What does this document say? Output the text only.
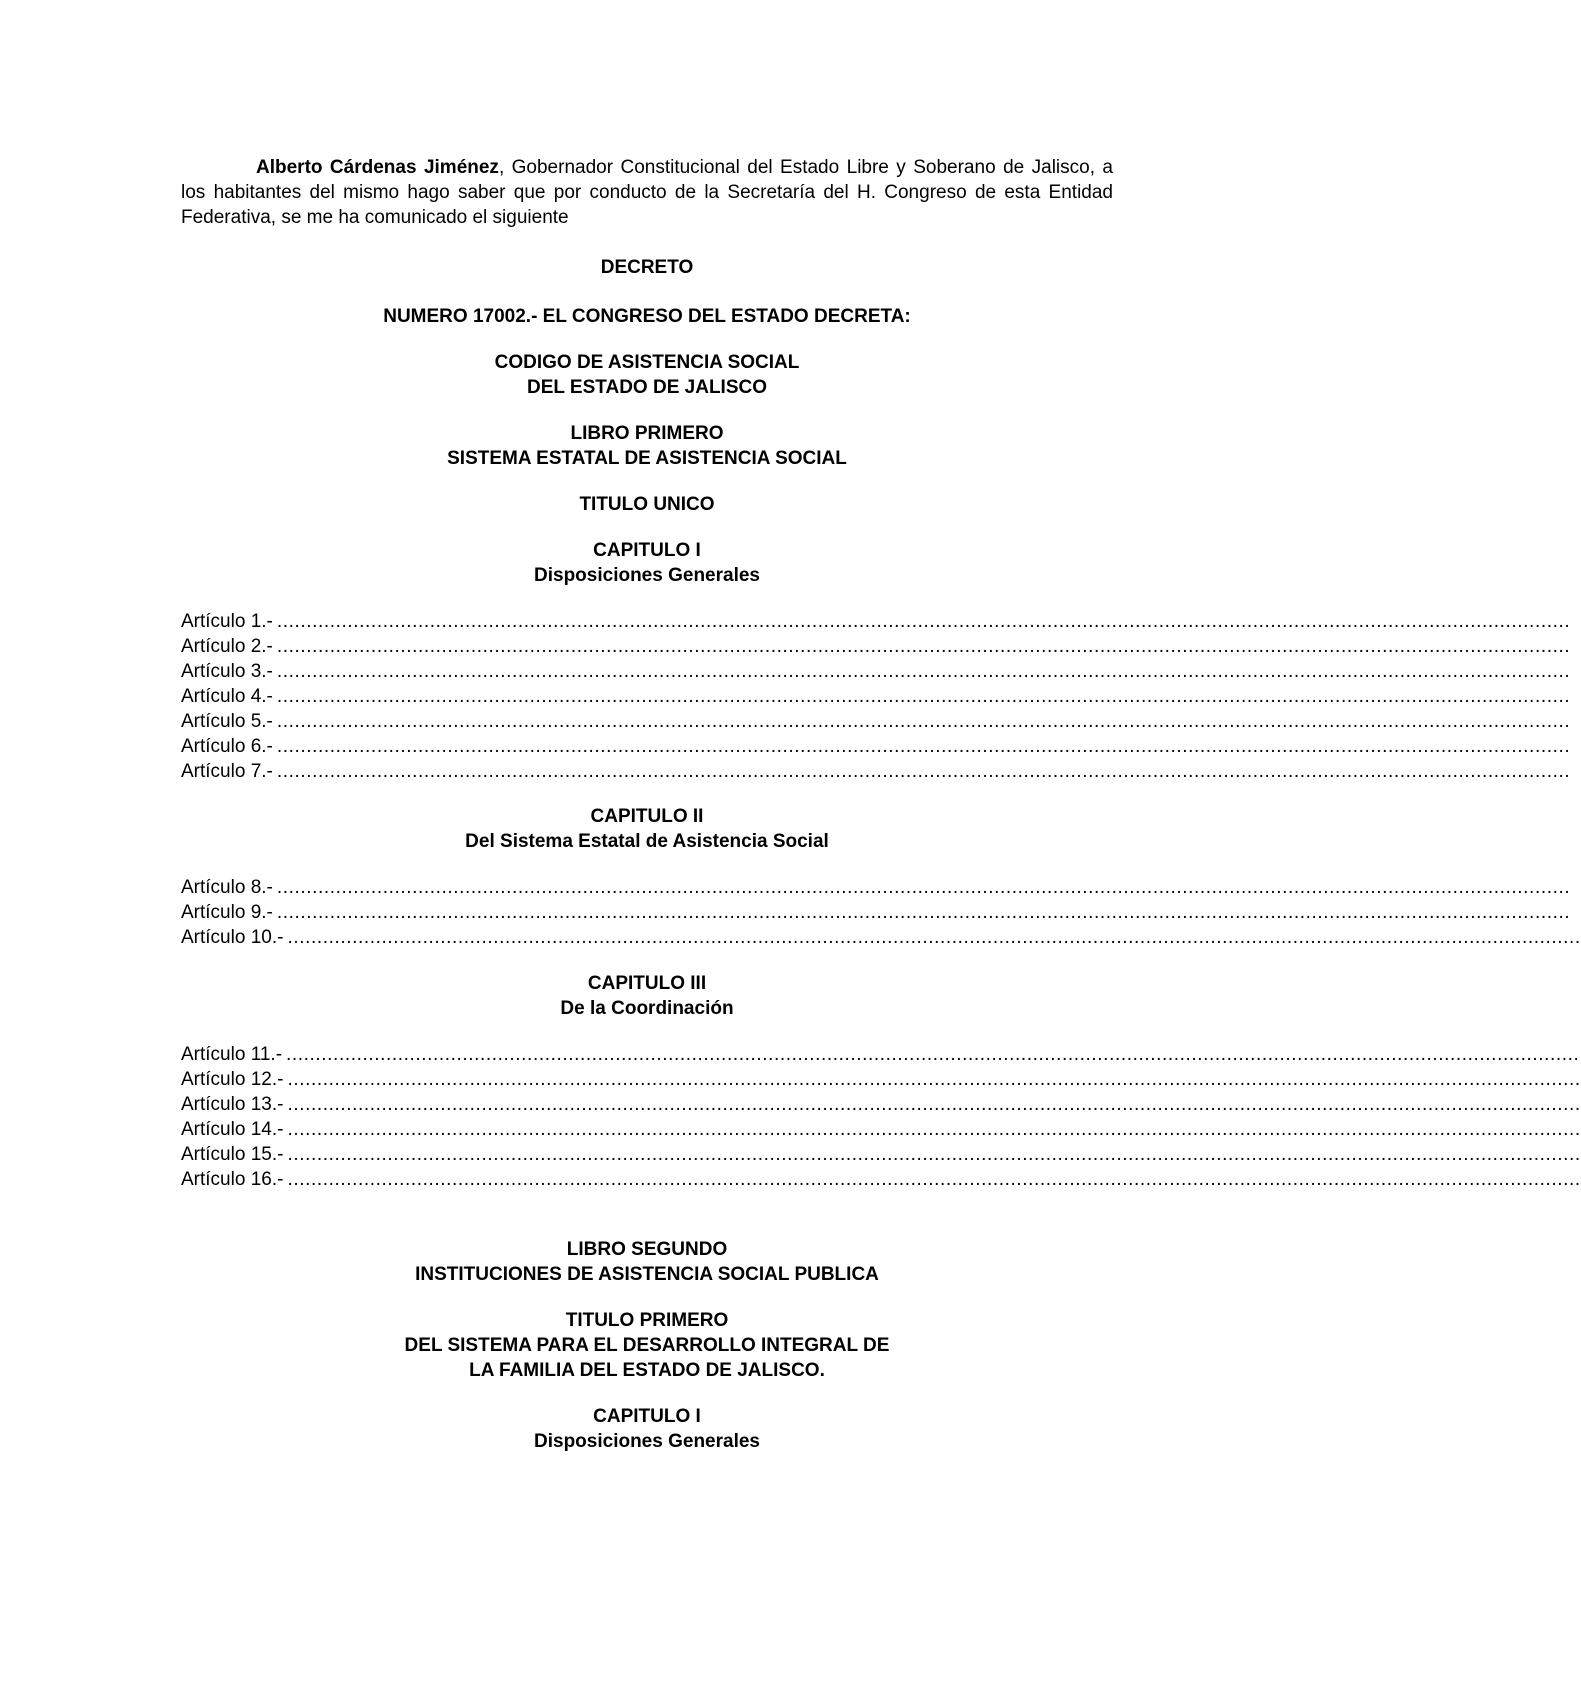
Alberto Cárdenas Jiménez, Gobernador Constitucional del Estado Libre y Soberano de Jalisco, a los habitantes del mismo hago saber que por conducto de la Secretaría del H. Congreso de esta Entidad Federativa, se me ha comunicado el siguiente

DECRETO
NUMERO 17002.- EL CONGRESO DEL ESTADO DECRETA:
CODIGO DE ASISTENCIA SOCIAL
DEL ESTADO DE JALISCO
LIBRO PRIMERO
SISTEMA ESTATAL DE ASISTENCIA SOCIAL
TITULO UNICO
CAPITULO I
Disposiciones Generales
Artículo 1.- ............................................................................................................................................................................................................................
Artículo 2.- ............................................................................................................................................................................................................................
Artículo 3.- ............................................................................................................................................................................................................................
Artículo 4.- ............................................................................................................................................................................................................................
Artículo 5.- ............................................................................................................................................................................................................................
Artículo 6.- ............................................................................................................................................................................................................................
Artículo 7.- ............................................................................................................................................................................................................................
CAPITULO II
Del Sistema Estatal de Asistencia Social
Artículo 8.- ............................................................................................................................................................................................................................
Artículo 9.- ............................................................................................................................................................................................................................
Artículo 10.- ............................................................................................................................................................................................................................
CAPITULO III
De la Coordinación
Artículo 11.- ............................................................................................................................................................................................................................
Artículo 12.- ............................................................................................................................................................................................................................
Artículo 13.- ............................................................................................................................................................................................................................
Artículo 14.- ............................................................................................................................................................................................................................
Artículo 15.- ............................................................................................................................................................................................................................
Artículo 16.- ............................................................................................................................................................................................................................
LIBRO SEGUNDO
INSTITUCIONES DE ASISTENCIA SOCIAL PUBLICA
TITULO PRIMERO
DEL SISTEMA PARA EL DESARROLLO INTEGRAL DE
LA FAMILIA DEL ESTADO DE JALISCO.
CAPITULO I
Disposiciones Generales
